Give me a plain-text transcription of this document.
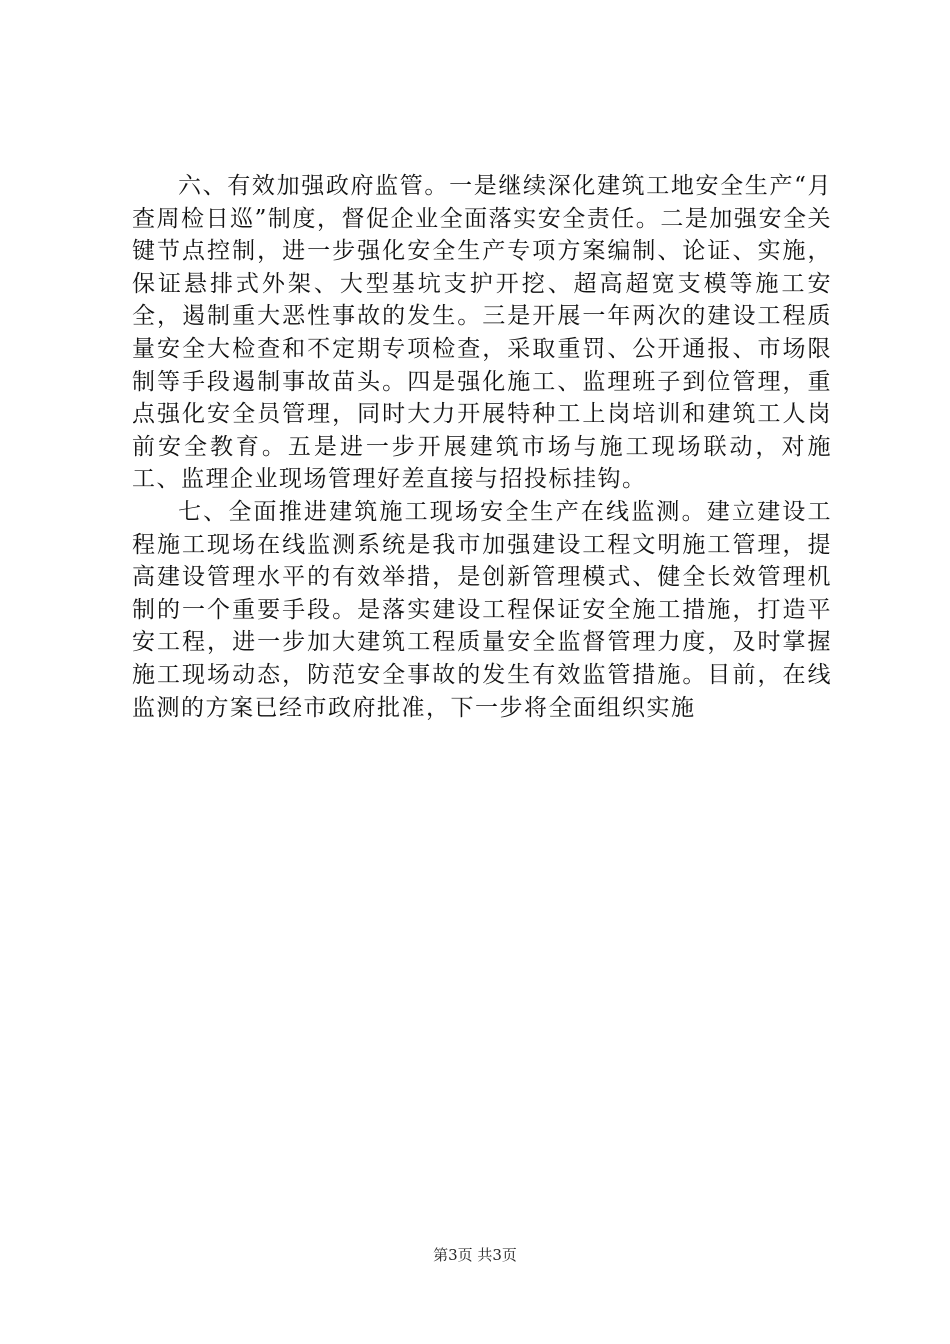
六、有效加强政府监管。一是继续深化建筑工地安全生产“月查周检日巡”制度，督促企业全面落实安全责任。二是加强安全关键节点控制，进一步强化安全生产专项方案编制、论证、实施，保证悬排式外架、大型基坑支护开挖、超高超宽支模等施工安全，遏制重大恶性事故的发生。三是开展一年两次的建设工程质量安全大检查和不定期专项检查，采取重罚、公开通报、市场限制等手段遏制事故苗头。四是强化施工、监理班子到位管理，重点强化安全员管理，同时大力开展特种工上岗培训和建筑工人岗前安全教育。五是进一步开展建筑市场与施工现场联动，对施工、监理企业现场管理好差直接与招投标挂钩。

七、全面推进建筑施工现场安全生产在线监测。建立建设工程施工现场在线监测系统是我市加强建设工程文明施工管理，提高建设管理水平的有效举措，是创新管理模式、健全长效管理机制的一个重要手段。是落实建设工程保证安全施工措施，打造平安工程，进一步加大建筑工程质量安全监督管理力度，及时掌握施工现场动态，防范安全事故的发生有效监管措施。目前，在线监测的方案已经市政府批准，下一步将全面组织实施

第3页 共3页
